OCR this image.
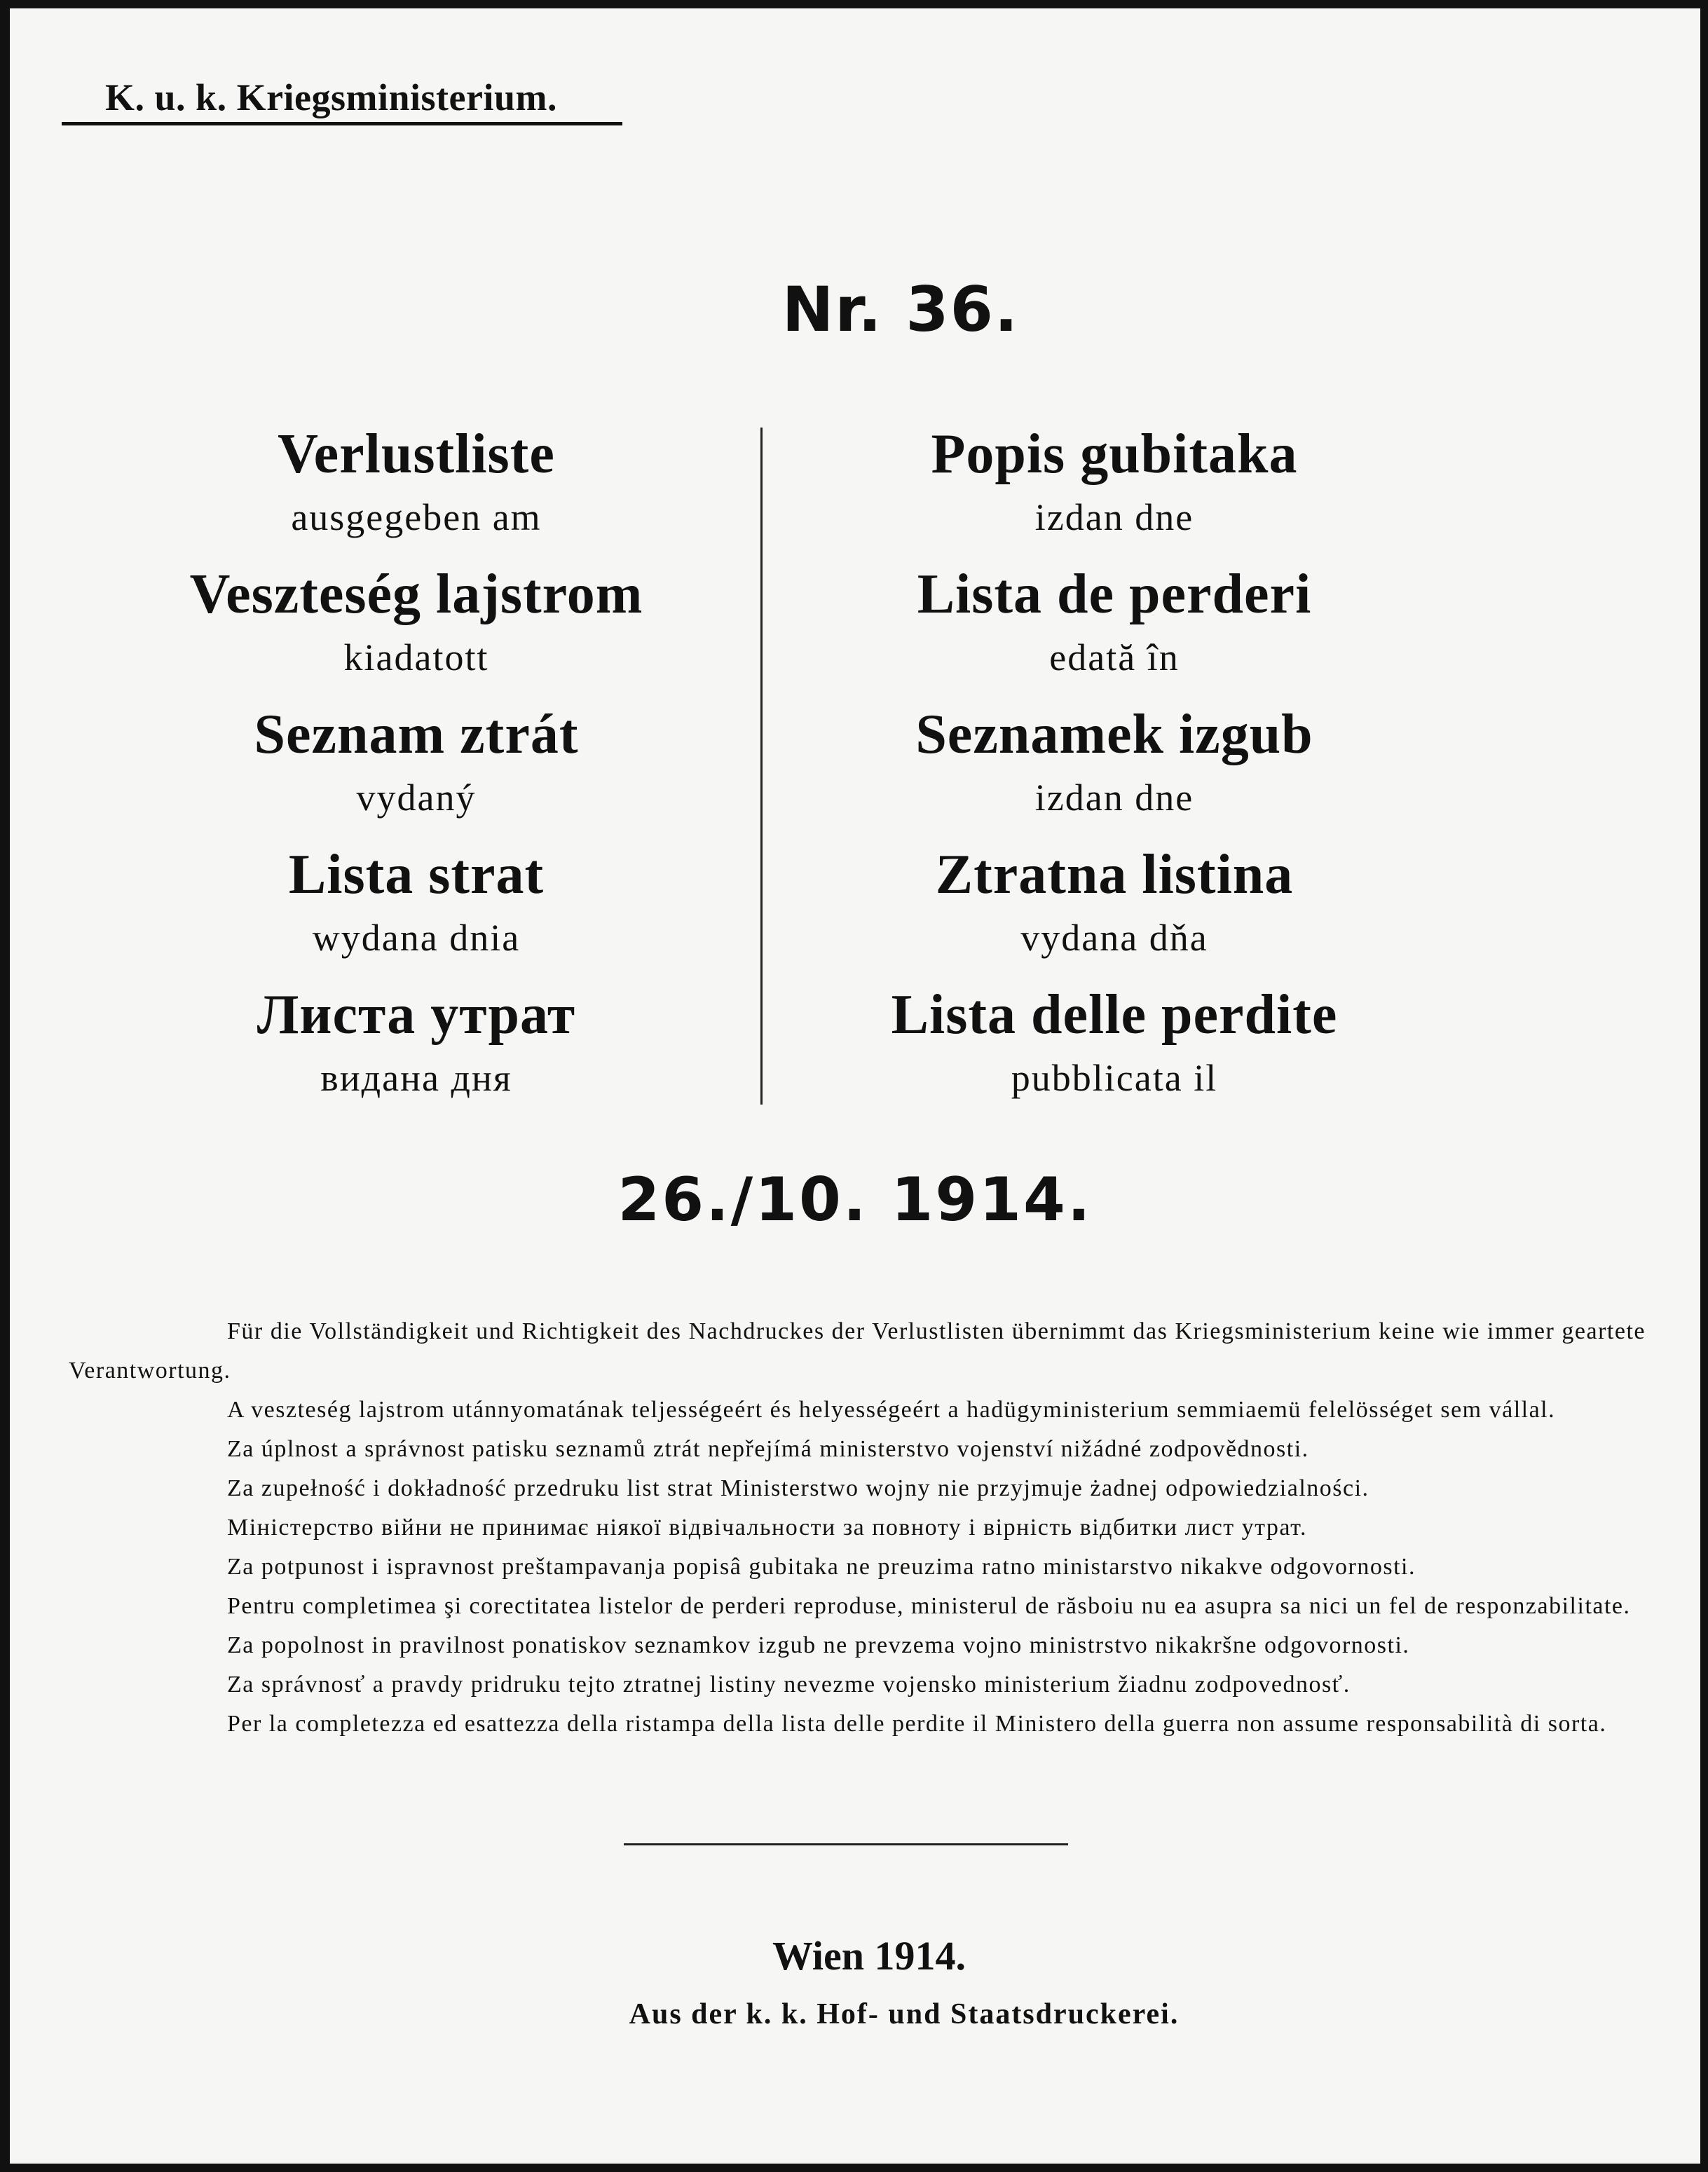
K. u. k. Kriegsministerium.
Nr. 36.
Verlustliste
ausgegeben am
Veszteség lajstrom
kiadatott
Seznam ztrát
vydaný
Lista strat
wydana dnia
Листа утрат
видана дня
Popis gubitaka
izdan dne
Lista de perderi
edată în
Seznamek izgub
izdan dne
Ztratna listina
vydana dňa
Lista delle perdite
pubblicata il
26./10. 1914.

Für die Vollständigkeit und Richtigkeit des Nachdruckes der Verlustlisten übernimmt das Kriegsministerium keine wie immer geartete Verantwortung.

A veszteség lajstrom utánnyomatának teljességeért és helyességeért a hadügyministerium semmiaemü felelösséget sem vállal.

Za úplnost a správnost patisku seznamů ztrát nepřejímá ministerstvo vojenství nižádné zodpovědnosti.

Za zupełność i dokładność przedruku list strat Ministerstwo wojny nie przyjmuje żadnej odpowiedzialności.

Міністерство війни не принимає ніякої відвічальности за повноту і вірність відбитки лист утрат.

Za potpunost i ispravnost preštampavanja popisâ gubitaka ne preuzima ratno ministarstvo nikakve odgovornosti.

Pentru completimea şi corectitatea listelor de perderi reproduse, ministerul de răsboiu nu ea asupra sa nici un fel de responzabilitate.

Za popolnost in pravilnost ponatiskov seznamkov izgub ne prevzema vojno ministrstvo nikakršne odgovornosti.

Za správnosť a pravdy pridruku tejto ztratnej listiny nevezme vojensko ministerium žiadnu zodpovednosť.

Per la completezza ed esattezza della ristampa della lista delle perdite il Ministero della guerra non assume responsabilità di sorta.

Wien 1914.
Aus der k. k. Hof- und Staatsdruckerei.
